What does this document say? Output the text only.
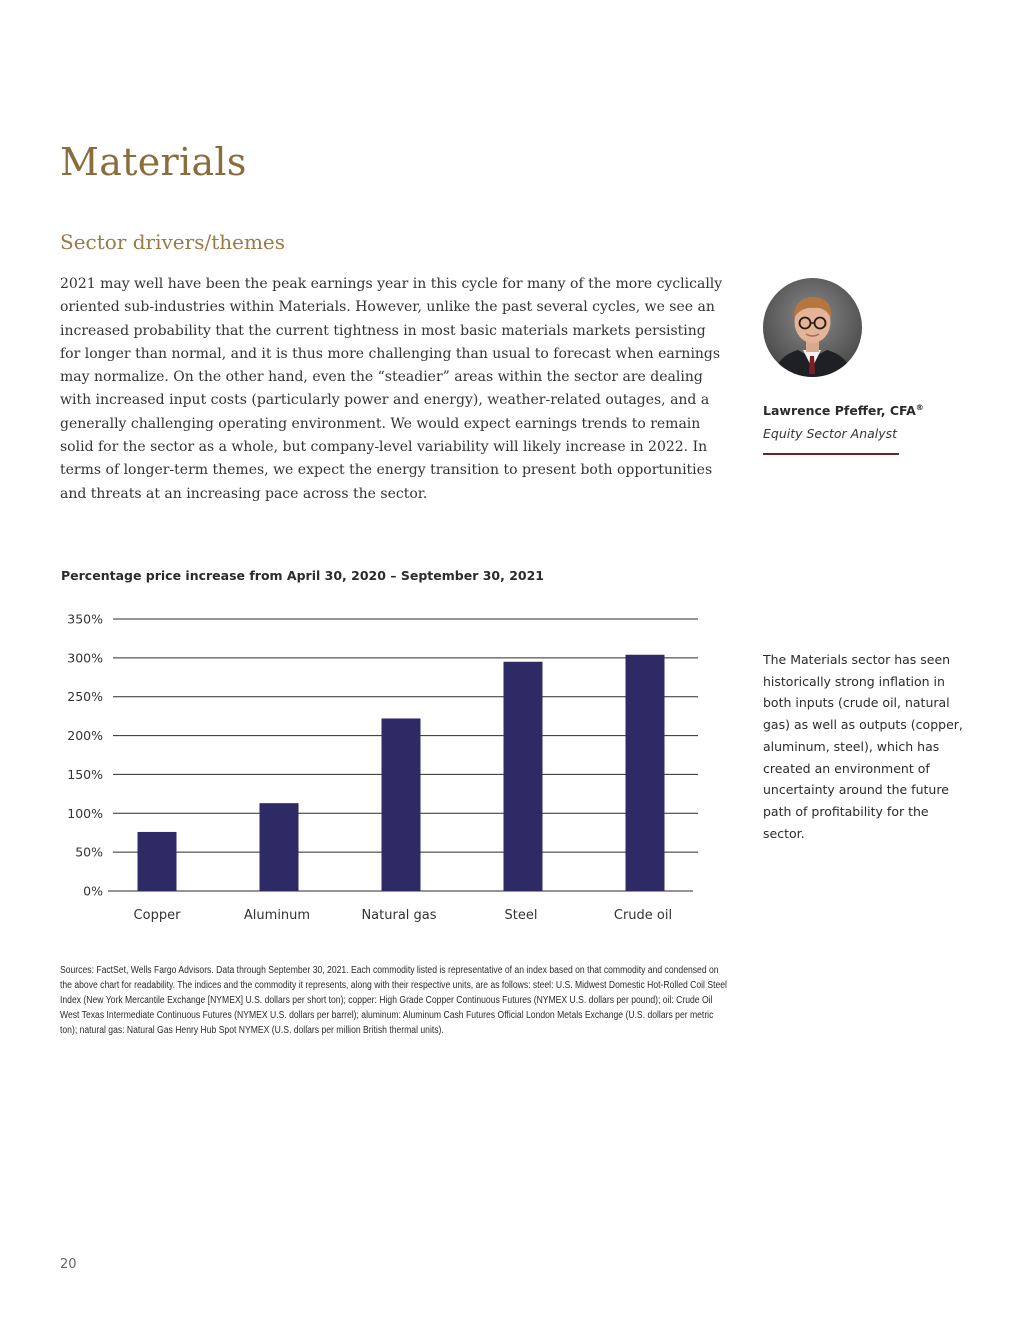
Materials
Sector drivers/themes

2021 may well have been the peak earnings year in this cycle for many of the more cyclically oriented sub-industries within Materials. However, unlike the past several cycles, we see an increased probability that the current tightness in most basic materials markets persisting for longer than normal, and it is thus more challenging than usual to forecast when earnings may normalize. On the other hand, even the “steadier” areas within the sector are dealing with increased input costs (particularly power and energy), weather-related outages, and a generally challenging operating environment. We would expect earnings trends to remain solid for the sector as a whole, but company-level variability will likely increase in 2022. In terms of longer-term themes, we expect the energy transition to present both opportunities and threats at an increasing pace across the sector.

Lawrence Pfeffer, CFA®
Equity Sector Analyst
Percentage price increase from April 30, 2020 – September 30, 2021
0%
50%
100%
150%
200%
250%
300%
350%
Copper	Aluminum	Natural gas	Steel	Crude oil

The Materials sector has seen historically strong inflation in both inputs (crude oil, natural gas) as well as outputs (copper, aluminum, steel), which has created an environment of uncertainty around the future path of profitability for the sector.

Sources: FactSet, Wells Fargo Advisors. Data through September 30, 2021. Each commodity listed is representative of an index based on that commodity and condensed on the above chart for readability. The indices and the commodity it represents, along with their respective units, are as follows: steel: U.S. Midwest Domestic Hot-Rolled Coil Steel Index (New York Mercantile Exchange [NYMEX] U.S. dollars per short ton); copper: High Grade Copper Continuous Futures (NYMEX U.S. dollars per pound); oil: Crude Oil West Texas Intermediate Continuous Futures (NYMEX U.S. dollars per barrel); aluminum: Aluminum Cash Futures Official London Metals Exchange (U.S. dollars per metric ton); natural gas: Natural Gas Henry Hub Spot NYMEX (U.S. dollars per million British thermal units).

20
